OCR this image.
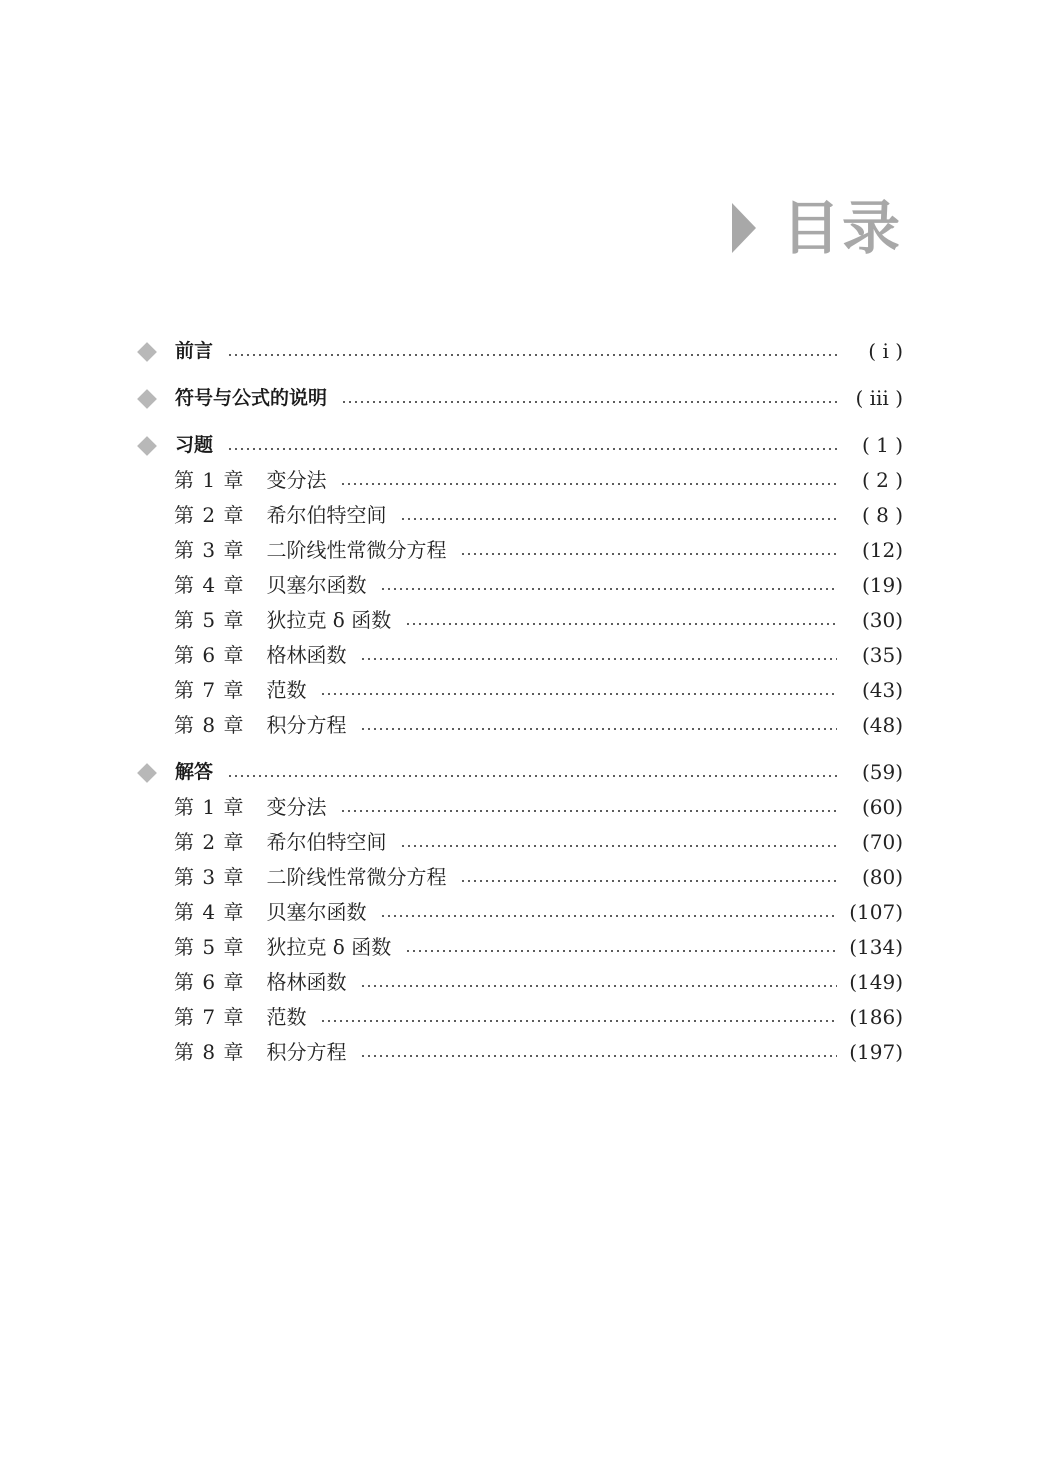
目录
前言	( ⅰ )
符号与公式的说明	( ⅲ )
习题	( 1 )
第 1 章 变分法	( 2 )
第 2 章 希尔伯特空间	( 8 )
第 3 章 二阶线性常微分方程	(12)
第 4 章 贝塞尔函数	(19)
第 5 章 狄拉克 δ 函数	(30)
第 6 章 格林函数	(35)
第 7 章 范数	(43)
第 8 章 积分方程	(48)
解答	(59)
第 1 章 变分法	(60)
第 2 章 希尔伯特空间	(70)
第 3 章 二阶线性常微分方程	(80)
第 4 章 贝塞尔函数	(107)
第 5 章 狄拉克 δ 函数	(134)
第 6 章 格林函数	(149)
第 7 章 范数	(186)
第 8 章 积分方程	(197)
